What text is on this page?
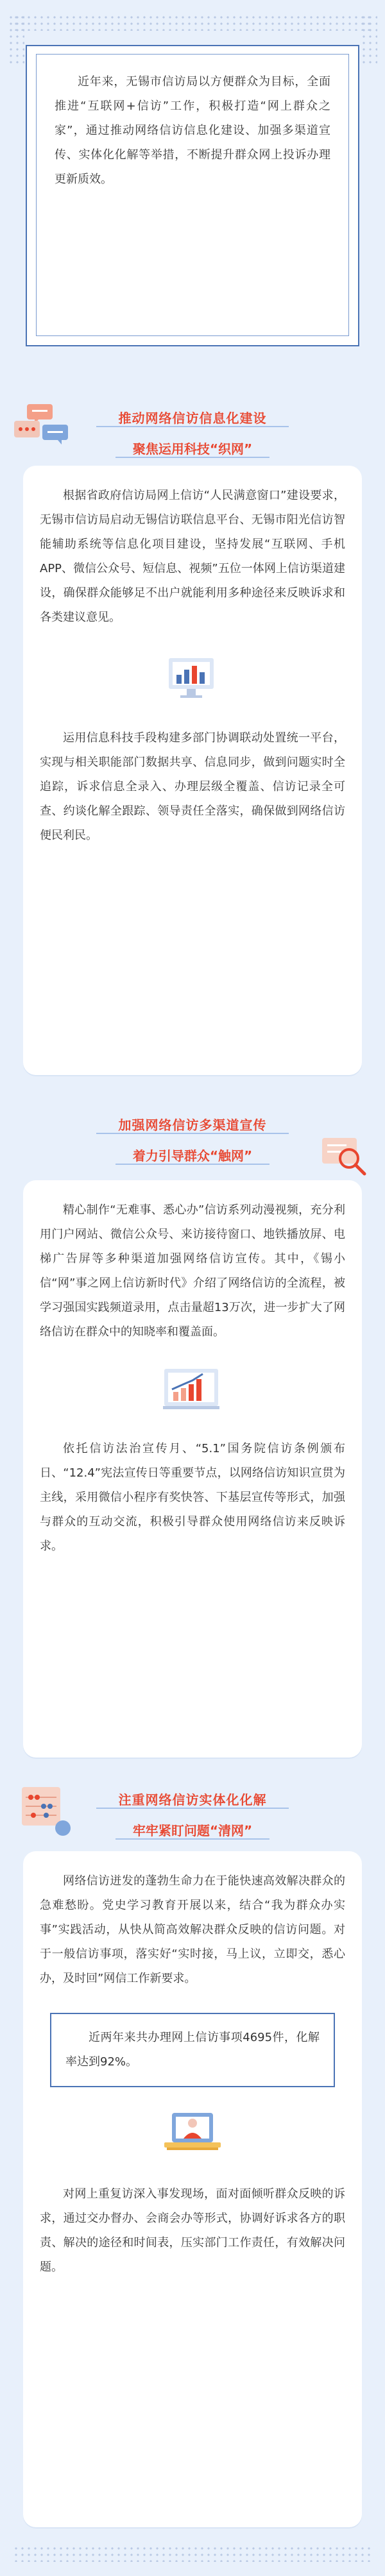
近年来，无锡市信访局以方便群众为目标，全面推进“互联网+信访”工作，积极打造“网上群众之家”，通过推动网络信访信息化建设、加强多渠道宣传、实体化化解等举措，不断提升群众网上投诉办理更新质效。

推动网络信访信息化建设
聚焦运用科技“织网”

根据省政府信访局网上信访“人民满意窗口”建设要求，无锡市信访局启动无锡信访联信息平台、无锡市阳光信访智能辅助系统等信息化项目建设，坚持发展“互联网、手机APP、微信公众号、短信息、视频”五位一体网上信访渠道建设，确保群众能够足不出户就能利用多种途径来反映诉求和各类建议意见。

运用信息科技手段构建多部门协调联动处置统一平台，实现与相关职能部门数据共享、信息同步，做到问题实时全追踪，诉求信息全录入、办理层级全覆盖、信访记录全可查、约谈化解全跟踪、领导责任全落实，确保做到网络信访便民利民。

加强网络信访多渠道宣传
着力引导群众“触网”

精心制作“无难事、悉心办”信访系列动漫视频，充分利用门户网站、微信公众号、来访接待窗口、地铁播放屏、电梯广告屏等多种渠道加强网络信访宣传。其中，《锡小信“网”事之网上信访新时代》介绍了网络信访的全流程，被学习强国实践频道录用，点击量超13万次，进一步扩大了网络信访在群众中的知晓率和覆盖面。

依托信访法治宣传月、“5.1”国务院信访条例颁布日、“12.4”宪法宣传日等重要节点，以网络信访知识宣贯为主线，采用微信小程序有奖快答、下基层宣传等形式，加强与群众的互动交流，积极引导群众使用网络信访来反映诉求。

注重网络信访实体化化解
牢牢紧盯问题“清网”

网络信访迸发的蓬勃生命力在于能快速高效解决群众的急难愁盼。党史学习教育开展以来，结合“我为群众办实事”实践活动，从快从简高效解决群众反映的信访问题。对于一般信访事项，落实好“实时接，马上议，立即交，悉心办，及时回”网信工作新要求。

近两年来共办理网上信访事项4695件，化解率达到92%。

对网上重复访深入事发现场，面对面倾听群众反映的诉求，通过交办督办、会商会办等形式，协调好诉求各方的职责、解决的途径和时间表，压实部门工作责任，有效解决问题。
